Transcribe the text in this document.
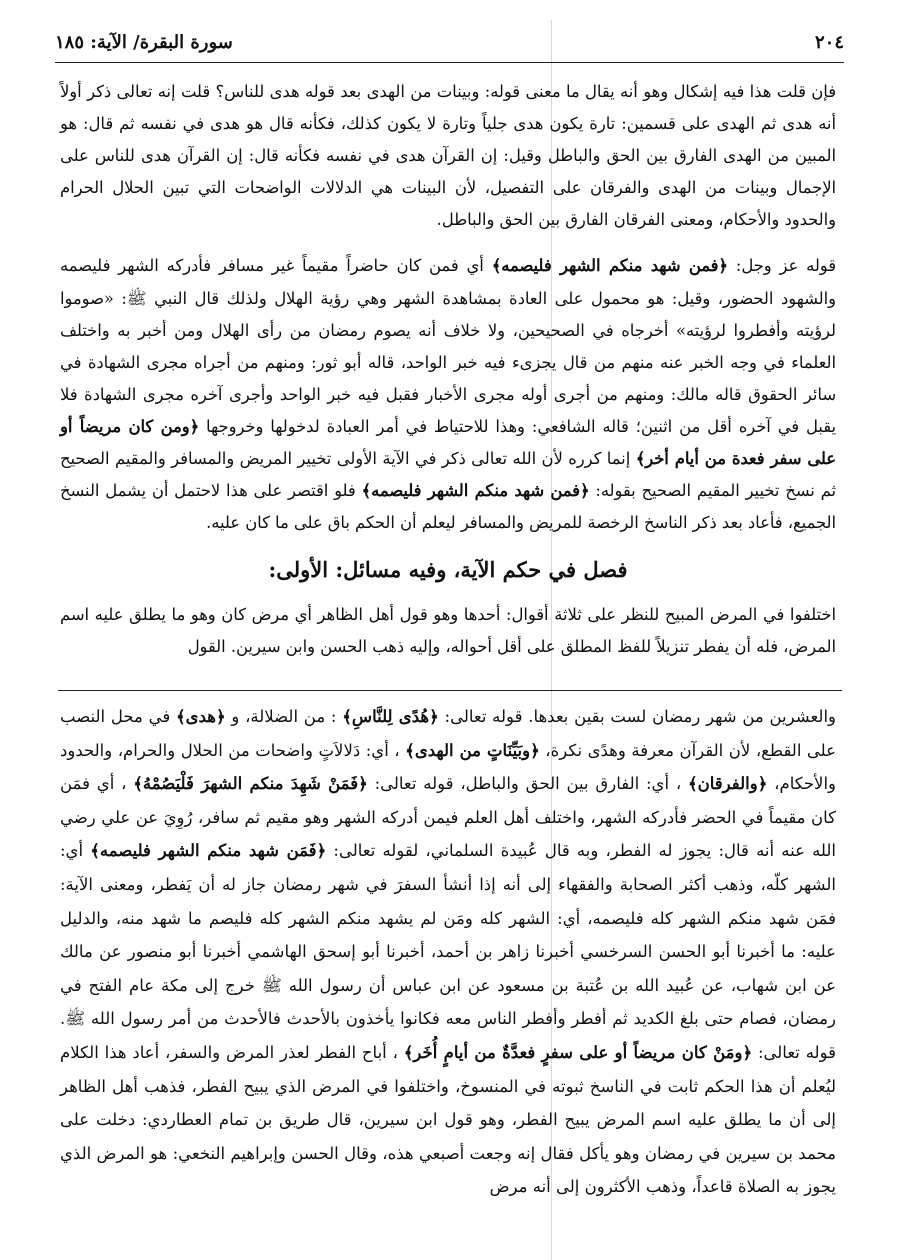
٢٠٤
سورة البقرة/ الآية: ١٨٥

فإن قلت هذا فيه إشكال وهو أنه يقال ما معنى قوله: وبينات من الهدى بعد قوله هدى للناس؟ قلت إنه تعالى ذكر أولاً أنه هدى ثم الهدى على قسمين: تارة يكون هدى جلياً وتارة لا يكون كذلك، فكأنه قال هو هدى في نفسه ثم قال: هو المبين من الهدى الفارق بين الحق والباطل وقيل: إن القرآن هدى في نفسه فكأنه قال: إن القرآن هدى للناس على الإجمال وبينات من الهدى والفرقان على التفصيل، لأن البينات هي الدلالات الواضحات التي تبين الحلال الحرام والحدود والأحكام، ومعنى الفرقان الفارق بين الحق والباطل.

قوله عز وجل: ﴿ فمن شهد منكم الشهر فليصمه ﴾ أي فمن كان حاضراً مقيماً غير مسافر فأدركه الشهر فليصمه والشهود الحضور، وقيل: هو محمول على العادة بمشاهدة الشهر وهي رؤية الهلال ولذلك قال النبي ﷺ: «صوموا لرؤيته وأفطروا لرؤيته» أخرجاه في الصحيحين، ولا خلاف أنه يصوم رمضان من رأى الهلال ومن أخبر به واختلف العلماء في وجه الخبر عنه منهم من قال يجزىء فيه خبر الواحد، قاله أبو ثور: ومنهم من أجراه مجرى الشهادة في سائر الحقوق قاله مالك: ومنهم من أجرى أوله مجرى الأخبار فقبل فيه خبر الواحد وأجرى آخره مجرى الشهادة فلا يقبل في آخره أقل من اثنين؛ قاله الشافعي: وهذا للاحتياط في أمر العبادة لدخولها وخروجها ﴿ ومن كان مريضاً أو على سفر فعدة من أيام أخر ﴾ إنما كرره لأن الله تعالى ذكر في الآية الأولى تخيير المريض والمسافر والمقيم الصحيح ثم نسخ تخيير المقيم الصحيح بقوله: ﴿ فمن شهد منكم الشهر فليصمه ﴾ فلو اقتصر على هذا لاحتمل أن يشمل النسخ الجميع، فأعاد بعد ذكر الناسخ الرخصة للمريض والمسافر ليعلم أن الحكم باق على ما كان عليه.

فصل في حكم الآية، وفيه مسائل: الأولى:

اختلفوا في المرض المبيح للنظر على ثلاثة أقوال: أحدها وهو قول أهل الظاهر أي مرض كان وهو ما يطلق عليه اسم المرض، فله أن يفطر تنزيلاً للفظ المطلق على أقل أحواله، وإليه ذهب الحسن وابن سيرين. القول

والعشرين من شهر رمضان لست بقين بعدها. قوله تعالى: ﴿ هُدًى لِلنَّاسِ ﴾ : من الضلالة، و ﴿ هدى ﴾ في محل النصب على القطع، لأن القرآن معرفة وهدًى نكرة، ﴿ وبَيِّنَاتٍ من الهدى ﴾ ، أي: دَلالاَتٍ واضحات من الحلال والحرام، والحدود والأحكام، ﴿ والفرقان ﴾ ، أي: الفارق بين الحق والباطل، قوله تعالى: ﴿ فَمَنْ شَهِدَ منكم الشهرَ فَلْيَصُمْهُ ﴾ ، أي فمَن كان مقيماً في الحضر فأدركه الشهر، واختلف أهل العلم فيمن أدركه الشهر وهو مقيم ثم سافر، رُوِيَ عن علي رضي الله عنه أنه قال: يجوز له الفطر، وبه قال عُبيدة السلماني، لقوله تعالى: ﴿ فَمَن شهد منكم الشهر فليصمه ﴾ أي: الشهر كلّه، وذهب أكثر الصحابة والفقهاء إلى أنه إذا أنشأ السفرَ في شهر رمضان جاز له أن يَفطر، ومعنى الآية: فمَن شهد منكم الشهر كله فليصمه، أي: الشهر كله ومَن لم يشهد منكم الشهر كله فليصم ما شهد منه، والدليل عليه: ما أخبرنا أبو الحسن السرخسي أخبرنا زاهر بن أحمد، أخبرنا أبو إسحق الهاشمي أخبرنا أبو منصور عن مالك عن ابن شهاب، عن عُبيد الله بن عُتبة بن مسعود عن ابن عباس أن رسول الله ﷺ خرج إلى مكة عام الفتح في رمضان، فصام حتى بلغ الكديد ثم أفطر وأفطر الناس معه فكانوا يأخذون بالأحدث فالأحدث من أمر رسول الله ﷺ. قوله تعالى: ﴿ ومَنْ كان مريضاً أو على سفرٍ فعدَّةٌ من أيامٍ أُخَر ﴾ ، أباح الفطر لعذر المرض والسفر، أعاد هذا الكلام ليُعلم أن هذا الحكم ثابت في الناسخ ثبوته في المنسوخ، واختلفوا في المرض الذي يبيح الفطر، فذهب أهل الظاهر إلى أن ما يطلق عليه اسم المرض يبيح الفطر، وهو قول ابن سيرين، قال طريق بن تمام العطاردي: دخلت على محمد بن سيرين في رمضان وهو يأكل فقال إنه وجعت أصبعي هذه، وقال الحسن وإبراهيم النخعي: هو المرض الذي يجوز به الصلاة قاعداً، وذهب الأكثرون إلى أنه مرض
